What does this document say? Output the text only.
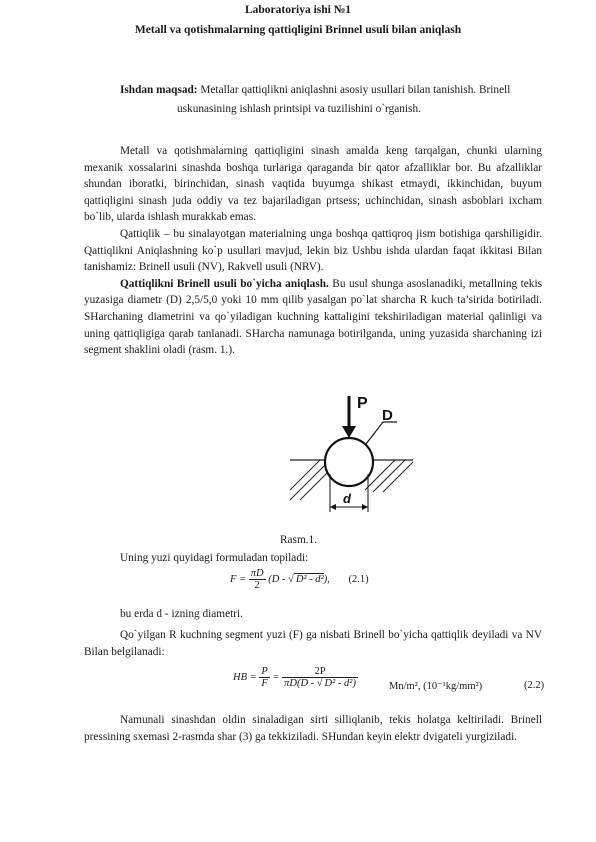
Laboratoriya ishi №1
Metall va qotishmalarning qattiqligini Brinnel usuli bilan aniqlash
Ishdan maqsad: Metallar qattiqlikni aniqlashni asosiy usullari bilan tanishish. Brinell
uskunasining ishlash printsipi va tuzilishini o`rganish.

Metall va qotishmalarning qattiqligini sinash amalda keng tarqalgan, chunki ularning mexanik xossalarini sinashda boshqa turlariga qaraganda bir qator afzalliklar bor. Bu afzalliklar shundan iboratki, birinchidan, sinash vaqtida buyumga shikast etmaydi, ikkinchidan, buyum qattiqligini sinash juda oddiy va tez bajariladigan prtsess; uchinchidan, sinash asboblari ixcham bo`lib, ularda ishlash murakkab emas.

Qattiqlik – bu sinalayotgan materialning unga boshqa qattiqroq jism botishiga qarshiligidir. Qattiqlikni Aniqlashning ko`p usullari mavjud, lekin biz Ushbu ishda ulardan faqat ikkitasi Bilan tanishamiz: Brinell usuli (NV), Rakvell usuli (NRV).

Qattiqlikni Brinell usuli bo`yicha aniqlash. Bu usul shunga asoslanadiki, metallning tekis yuzasiga diametr (D) 2,5/5,0 yoki 10 mm qilib yasalgan po`lat sharcha R kuch ta’sirida botiriladi. SHarchaning diametrini va qo`yiladigan kuchning kattaligini tekshiriladigan material qalinligi va uning qattiqligiga qarab tanlanadi. SHarcha namunaga botirilganda, uning yuzasida sharchaning izi segment shaklini oladi (rasm. 1.).

P
D
d
Rasm.1.
Uning yuzi quyidagi formuladan topiladi:
$F = \frac{\pi D}{2} (D$ - √ D² - d²), (2.1)
bu erda d - izning diametri.

Qo`yilgan R kuchning segment yuzi (F) ga nisbati Brinell bo`yicha qattiqlik deyiladi va NV Bilan belgilanadi:

HB = $\frac{P}{F} = \frac{2P}{\text{πD(D - √ D² - d²)}}$	Mn/m², (10⁻¹kg/mm²)	(2.2)

Namunali sinashdan oldin sinaladigan sirti silliqlanib, tekis holatga keltiriladi. Brinell pressining sxemasi 2-rasmda shar (3) ga tekkiziladi. SHundan keyin elektr dvigateli yurgiziladi.
